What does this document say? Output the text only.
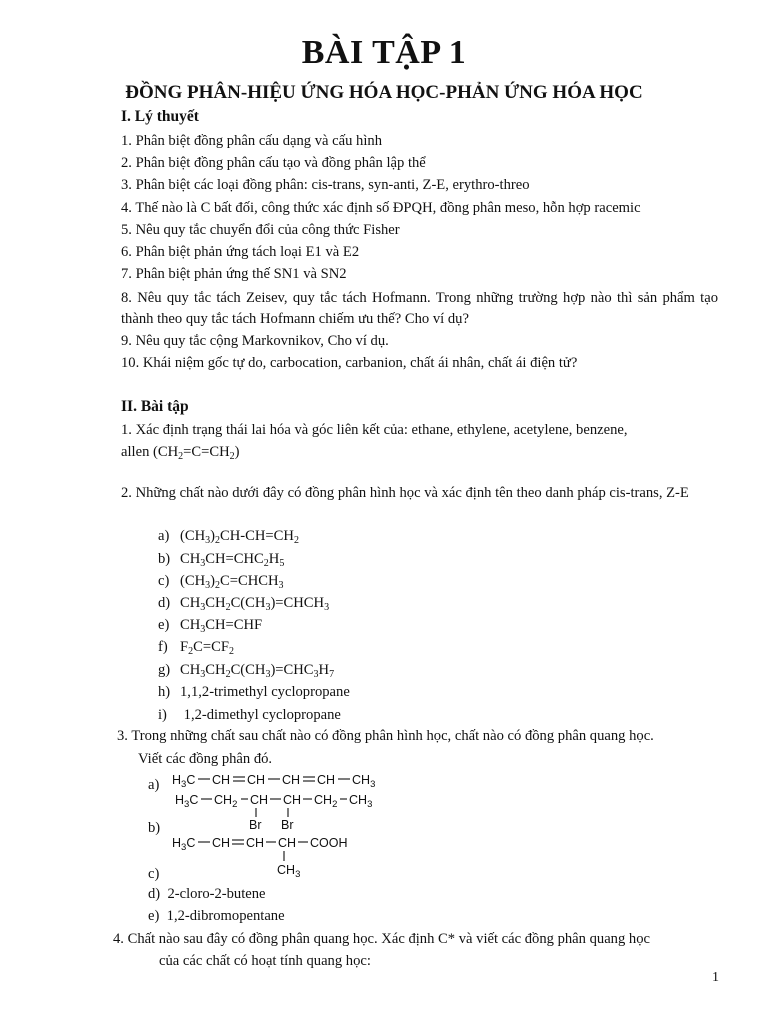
BÀI TẬP 1
ĐỒNG PHÂN-HIỆU ỨNG HÓA HỌC-PHẢN ỨNG HÓA HỌC
I. Lý thuyết
1. Phân biệt đồng phân cấu dạng và cấu hình
2. Phân biệt đồng phân cấu tạo và đồng phân lập thể
3. Phân biệt các loại đồng phân: cis-trans, syn-anti, Z-E, erythro-threo
4. Thế nào là C bất đối, công thức xác định số ĐPQH, đồng phân meso, hỗn hợp racemic
5. Nêu quy tắc chuyển đổi của công thức Fisher
6. Phân biệt phản ứng tách loại E1 và E2
7. Phân biệt phản ứng thế SN1 và SN2
8. Nêu quy tắc tách Zeisev, quy tắc tách Hofmann. Trong những trường hợp nào thì sản phẩm tạo thành theo quy tắc tách Hofmann chiếm ưu thế? Cho ví dụ?
9. Nêu quy tắc cộng Markovnikov, Cho ví dụ.
10. Khái niệm gốc tự do, carbocation, carbanion, chất ái nhân, chất ái điện tử?
II. Bài tập
1. Xác định trạng thái lai hóa và góc liên kết của: ethane, ethylene, acetylene, benzene,
allen $(CH_2=C=CH_2)$
2. Những chất nào dưới đây có đồng phân hình học và xác định tên theo danh pháp cis-trans, Z-E
a) $(CH_3)_2CH-CH=CH_2$
b) $CH_3CH=CHC_2H_5$
c) $(CH_3)_2C=CHCH_3$
d) $CH_3CH_2C(CH_3)=CHCH_3$
e) $CH_3CH=CHF$
f) $F_2C=CF_2$
g) $CH_3CH_2C(CH_3)=CHC_3H_7$
h) 1,1,2-trimethyl cyclopropane
i) 1,2-dimethyl cyclopropane
3. Trong những chất sau chất nào có đồng phân hình học, chất nào có đồng phân quang học.
Viết các đồng phân đó.
a)
b)
c)
$H_3C$ CH CH CH CH $CH_3$
$H_3C$ $CH_2$ CH CH $CH_2$ $CH_3$
Br Br
$H_3C$ CH CH CH COOH
$CH_3$
d) 2-cloro-2-butene
e) 1,2-dibromopentane
4. Chất nào sau đây có đồng phân quang học. Xác định C* và viết các đồng phân quang học
của các chất có hoạt tính quang học:
1
